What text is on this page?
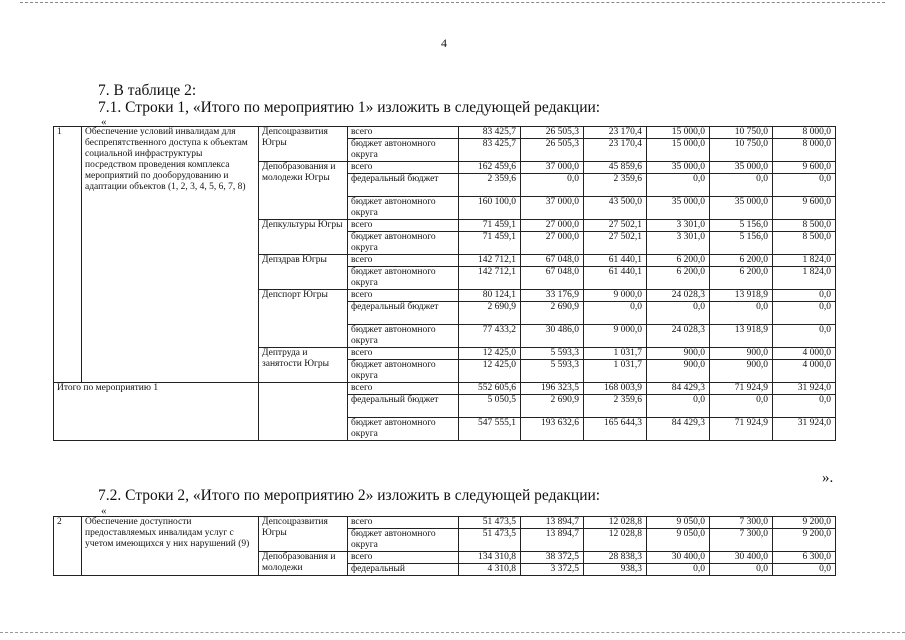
4
7. В таблице 2:
7.1. Строки 1, «Итого по мероприятию 1» изложить в следующей редакции:
«
1	Обеспечение условий инвалидам для беспрепятственного доступа к объектам социальной инфраструктуры посредством проведения комплекса мероприятий по дооборудованию и адаптации объектов (1, 2, 3, 4, 5, 6, 7, 8)	Депсоцразвития Югры	всего	83 425,7	26 505,3	23 170,4	15 000,0	10 750,0	8 000,0
			бюджет автономного округа	83 425,7	26 505,3	23 170,4	15 000,0	10 750,0	8 000,0
		Депобразования и молодежи Югры	всего	162 459,6	37 000,0	45 859,6	35 000,0	35 000,0	9 600,0
			федеральный бюджет	2 359,6	0,0	2 359,6	0,0	0,0	0,0
			бюджет автономного округа	160 100,0	37 000,0	43 500,0	35 000,0	35 000,0	9 600,0
		Депкультуры Югры	всего	71 459,1	27 000,0	27 502,1	3 301,0	5 156,0	8 500,0
			бюджет автономного округа	71 459,1	27 000,0	27 502,1	3 301,0	5 156,0	8 500,0
		Депздрав Югры	всего	142 712,1	67 048,0	61 440,1	6 200,0	6 200,0	1 824,0
			бюджет автономного округа	142 712,1	67 048,0	61 440,1	6 200,0	6 200,0	1 824,0
		Депспорт Югры	всего	80 124,1	33 176,9	9 000,0	24 028,3	13 918,9	0,0
			федеральный бюджет	2 690,9	2 690,9	0,0	0,0	0,0	0,0
			бюджет автономного округа	77 433,2	30 486,0	9 000,0	24 028,3	13 918,9	0,0
		Дептруда и занятости Югры	всего	12 425,0	5 593,3	1 031,7	900,0	900,0	4 000,0
			бюджет автономного округа	12 425,0	5 593,3	1 031,7	900,0	900,0	4 000,0
Итого по мероприятию 1			всего	552 605,6	196 323,5	168 003,9	84 429,3	71 924,9	31 924,0
			федеральный бюджет	5 050,5	2 690,9	2 359,6	0,0	0,0	0,0
			бюджет автономного округа	547 555,1	193 632,6	165 644,3	84 429,3	71 924,9	31 924,0
».
7.2. Строки 2, «Итого по мероприятию 2» изложить в следующей редакции:
«
2	Обеспечение доступности предоставляемых инвалидам услуг с учетом имеющихся у них нарушений (9)	Депсоцразвития Югры	всего	51 473,5	13 894,7	12 028,8	9 050,0	7 300,0	9 200,0
			бюджет автономного округа	51 473,5	13 894,7	12 028,8	9 050,0	7 300,0	9 200,0
		Депобразования и молодежи	всего	134 310,8	38 372,5	28 838,3	30 400,0	30 400,0	6 300,0
			федеральный	4 310,8	3 372,5	938,3	0,0	0,0	0,0
